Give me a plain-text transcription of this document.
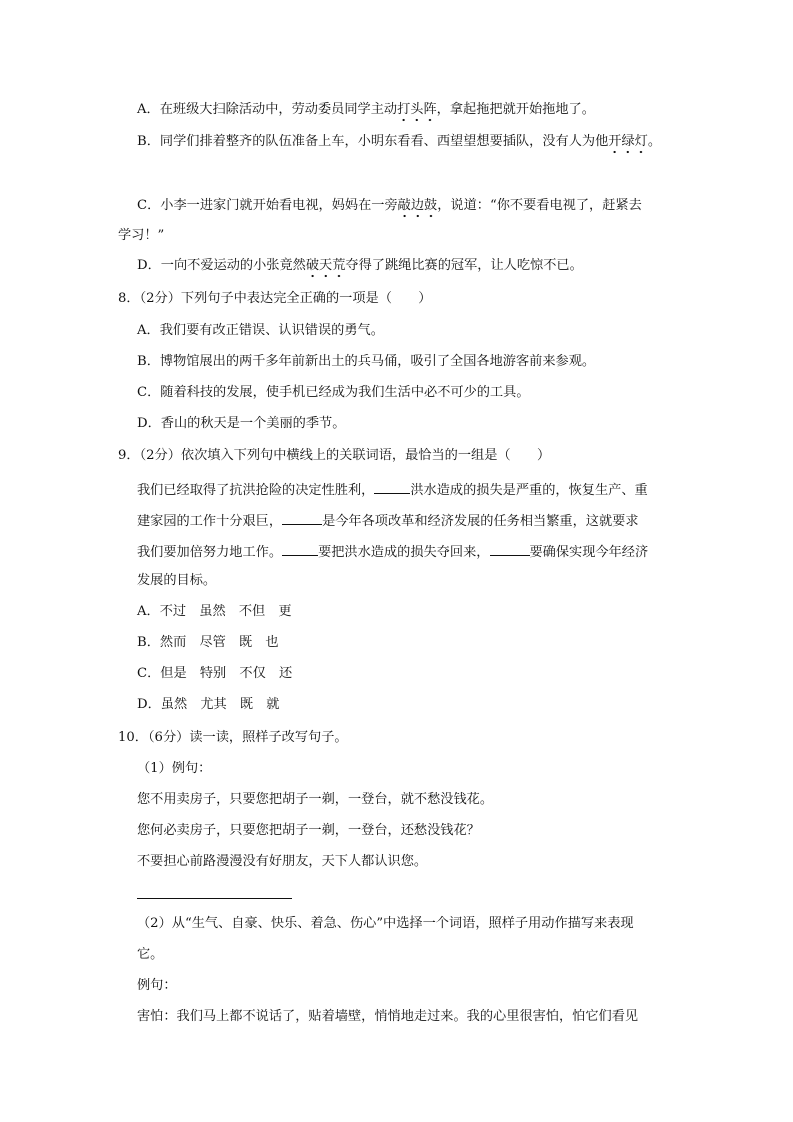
A．在班级大扫除活动中，劳动委员同学主动打头阵，拿起拖把就开始拖地了。
B．同学们排着整齐的队伍准备上车，小明东看看、西望望想要插队，没有人为他开绿灯。
C．小李一进家门就开始看电视，妈妈在一旁敲边鼓，说道：“你不要看电视了，赶紧去
学习！”
D．一向不爱运动的小张竟然破天荒夺得了跳绳比赛的冠军，让人吃惊不已。
8．（2分）下列句子中表达完全正确的一项是（　　）
A．我们要有改正错误、认识错误的勇气。
B．博物馆展出的两千多年前新出土的兵马俑，吸引了全国各地游客前来参观。
C．随着科技的发展，使手机已经成为我们生活中必不可少的工具。
D．香山的秋天是一个美丽的季节。
9．（2分）依次填入下列句中横线上的关联词语，最恰当的一组是（　　）
我们已经取得了抗洪抢险的决定性胜利，	洪水造成的损失是严重的，恢复生产、重
建家园的工作十分艰巨，	是今年各项改革和经济发展的任务相当繁重，这就要求
我们要加倍努力地工作。	要把洪水造成的损失夺回来，	要确保实现今年经济
发展的目标。
A．不过　虽然　不但　更
B．然而　尽管　既　也
C．但是　特别　不仅　还
D．虽然　尤其　既　就
10．（6分）读一读，照样子改写句子。
（1）例句：
您不用卖房子，只要您把胡子一剃，一登台，就不愁没钱花。
您何必卖房子，只要您把胡子一剃，一登台，还愁没钱花？
不要担心前路漫漫没有好朋友，天下人都认识您。
（2）从“生气、自豪、快乐、着急、伤心”中选择一个词语，照样子用动作描写来表现
它。
例句：
害怕：我们马上都不说话了，贴着墙壁，悄悄地走过来。我的心里很害怕，怕它们看见
